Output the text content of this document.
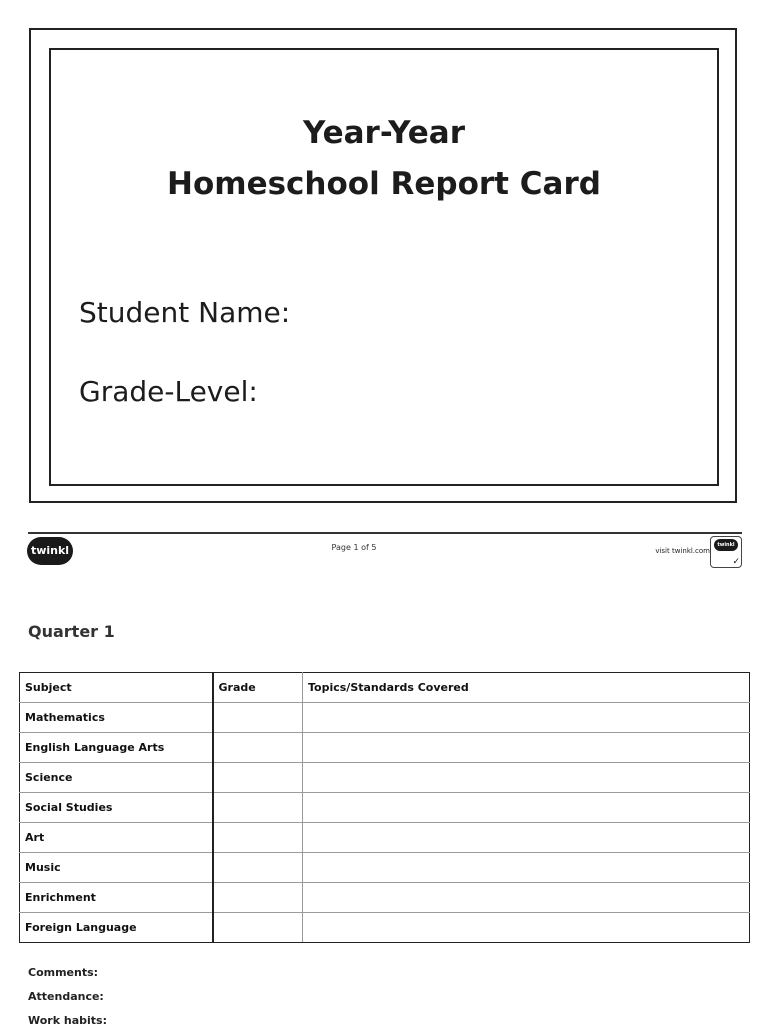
Year-Year
Homeschool Report Card
Student Name:
Grade-Level:
twinkl	Page 1 of 5	visit twinkl.com
twinkl
✓
Quarter 1
Subject	Grade	Topics/Standards Covered
Mathematics		
English Language Arts		
Science		
Social Studies		
Art		
Music		
Enrichment		
Foreign Language		
Comments:
Attendance:
Work habits:
